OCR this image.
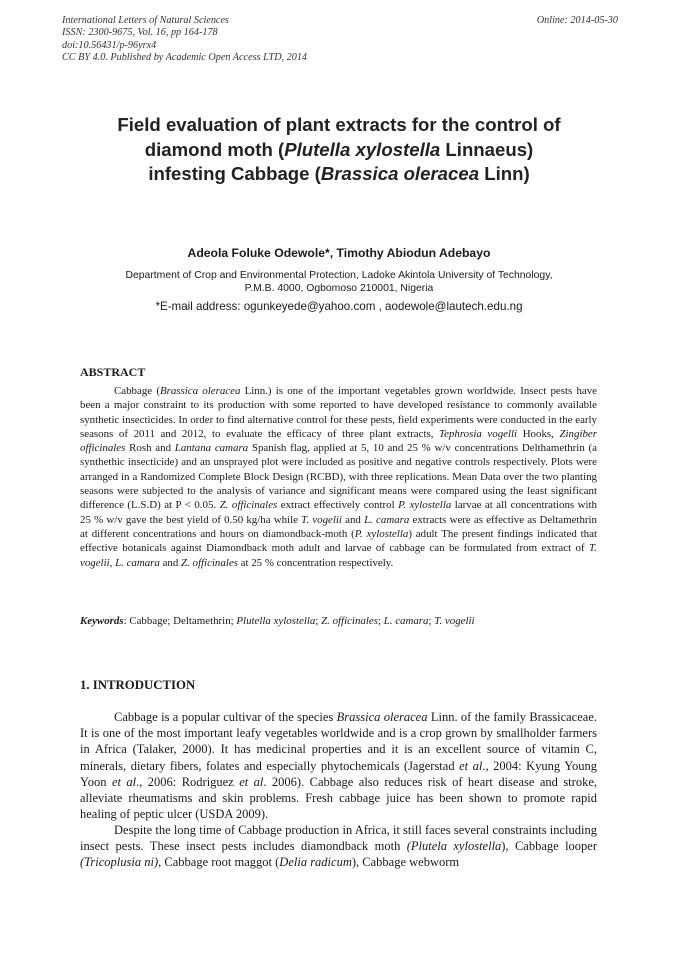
International Letters of Natural Sciences
ISSN: 2300-9675, Vol. 16, pp 164-178
doi:10.56431/p-96yrx4
CC BY 4.0. Published by Academic Open Access LTD, 2014
Online: 2014-05-30
Field evaluation of plant extracts for the control of
diamond moth (Plutella xylostella Linnaeus)
infesting Cabbage (Brassica oleracea Linn)
Adeola Foluke Odewole*, Timothy Abiodun Adebayo
Department of Crop and Environmental Protection, Ladoke Akintola University of Technology,
P.M.B. 4000, Ogbomoso 210001, Nigeria
*E-mail address: ogunkeyede@yahoo.com , aodewole@lautech.edu.ng
ABSTRACT

Cabbage (Brassica oleracea Linn.) is one of the important vegetables grown worldwide. Insect pests have been a major constraint to its production with some reported to have developed resistance to commonly available synthetic insecticides. In order to find alternative control for these pests, field experiments were conducted in the early seasons of 2011 and 2012, to evaluate the efficacy of three plant extracts, Tephrosia vogelli Hooks, Zingiber officinales Rosh and Lantana camara Spanish flag, applied at 5, 10 and 25 % w/v concentrations Delthamethrin (a synthethic insecticide) and an unsprayed plot were included as positive and negative controls respectively. Plots were arranged in a Randomized Complete Block Design (RCBD), with three replications. Mean Data over the two planting seasons were subjected to the analysis of variance and significant means were compared using the least significant difference (L.S.D) at P < 0.05. Z. officinales extract effectively control P. xylostella larvae at all concentrations with 25 % w/v gave the best yield of 0.50 kg/ha while T. vogelii and L. camara extracts were as effective as Deltamethrin at different concentrations and hours on diamondback-moth (P. xylostella) adult The present findings indicated that effective botanicals against Diamondback moth adult and larvae of cabbage can be formulated from extract of T. vogelii, L. camara and Z. officinales at 25 % concentration respectively.

Keywords: Cabbage; Deltamethrin; Plutella xylostella; Z. officinales; L. camara; T. vogelii
1. INTRODUCTION

Cabbage is a popular cultivar of the species Brassica oleracea Linn. of the family Brassicaceae. It is one of the most important leafy vegetables worldwide and is a crop grown by smallholder farmers in Africa (Talaker, 2000). It has medicinal properties and it is an excellent source of vitamin C, minerals, dietary fibers, folates and especially phytochemicals (Jagerstad et al., 2004: Kyung Young Yoon et al., 2006: Rodriguez et al. 2006). Cabbage also reduces risk of heart disease and stroke, alleviate rheumatisms and skin problems. Fresh cabbage juice has been shown to promote rapid healing of peptic ulcer (USDA 2009).

Despite the long time of Cabbage production in Africa, it still faces several constraints including insect pests. These insect pests includes diamondback moth (Plutela xylostella), Cabbage looper (Tricoplusia ni), Cabbage root maggot (Delia radicum), Cabbage webworm
